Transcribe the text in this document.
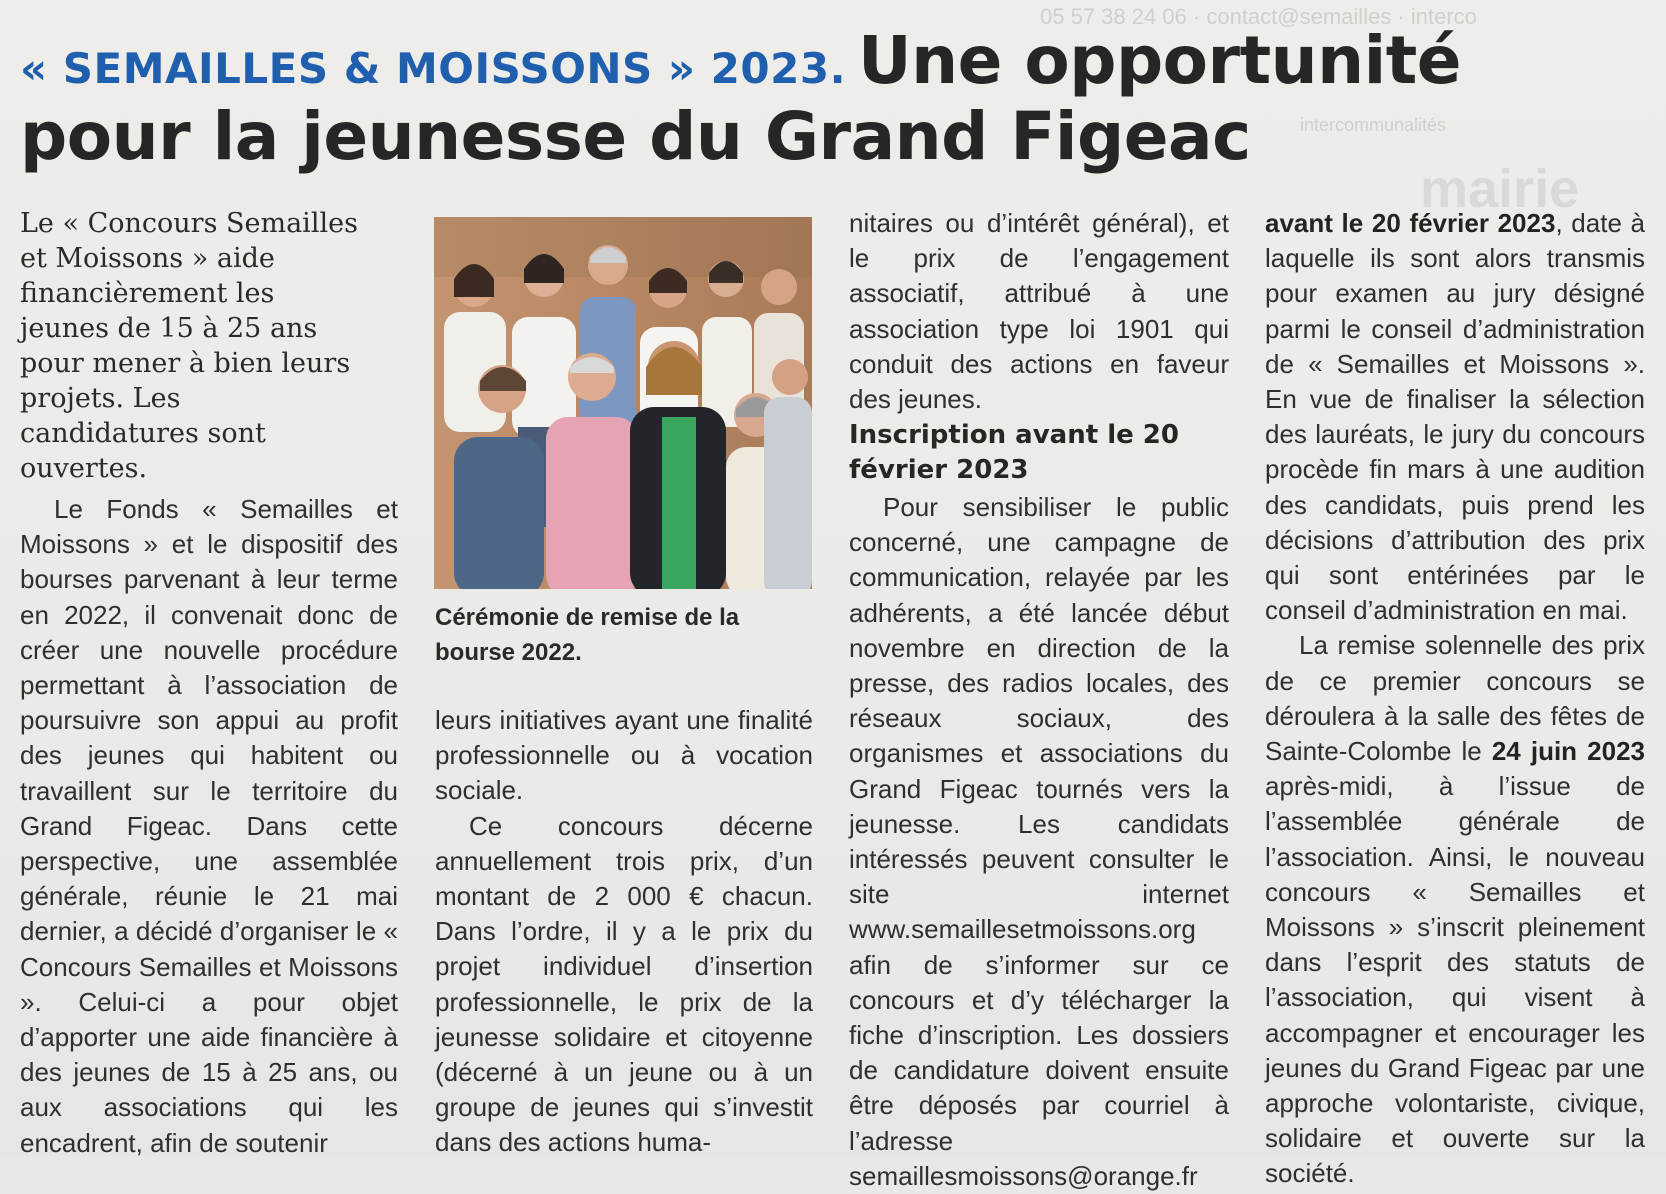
05 57 38 24 06 · contact@semailles · interco
intercommunalités
mairie
« SEMAILLES & MOISSONS » 2023. Une opportunité
pour la jeunesse du Grand Figeac
Le « Concours Semailles et Moissons » aide financièrement les jeunes de 15 à 25 ans pour mener à bien leurs projets. Les candidatures sont ouvertes.

Le Fonds « Semailles et Moissons » et le dispositif des bourses parvenant à leur terme en 2022, il convenait donc de créer une nouvelle procédure permettant à l’association de poursuivre son appui au profit des jeunes qui habitent ou travaillent sur le territoire du Grand Figeac. Dans cette perspective, une assemblée générale, réunie le 21 mai dernier, a décidé d’organiser le « Concours Semailles et Moissons ». Celui-ci a pour objet d’apporter une aide financière à des jeunes de 15 à 25 ans, ou aux associations qui les encadrent, afin de soutenir

Cérémonie de remise de la bourse 2022.

leurs initiatives ayant une finalité professionnelle ou à vocation sociale.

Ce concours décerne annuellement trois prix, d’un montant de 2 000 € chacun. Dans l’ordre, il y a le prix du projet individuel d’insertion professionnelle, le prix de la jeunesse solidaire et citoyenne (décerné à un jeune ou à un groupe de jeunes qui s’investit dans des actions huma-

nitaires ou d’intérêt général), et le prix de l’engagement associatif, attribué à une association type loi 1901 qui conduit des actions en faveur des jeunes.

Inscription avant le 20 février 2023

Pour sensibiliser le public concerné, une campagne de communication, relayée par les adhérents, a été lancée début novembre en direction de la presse, des radios locales, des réseaux sociaux, des organismes et associations du Grand Figeac tournés vers la jeunesse. Les candidats intéressés peuvent consulter le site internet www.semaillesetmoissons.org afin de s’informer sur ce concours et d’y télécharger la fiche d’inscription. Les dossiers de candidature doivent ensuite être déposés par courriel à l’adresse semaillesmoissons@orange.fr

avant le 20 février 2023, date à laquelle ils sont alors transmis pour examen au jury désigné parmi le conseil d’administration de « Semailles et Moissons ». En vue de finaliser la sélection des lauréats, le jury du concours procède fin mars à une audition des candidats, puis prend les décisions d’attribution des prix qui sont entérinées par le conseil d’administration en mai.

La remise solennelle des prix de ce premier concours se déroulera à la salle des fêtes de Sainte-Colombe le 24 juin 2023 après-midi, à l’issue de l’assemblée générale de l’association. Ainsi, le nouveau concours « Semailles et Moissons » s’inscrit pleinement dans l’esprit des statuts de l’association, qui visent à accompagner et encourager les jeunes du Grand Figeac par une approche volontariste, civique, solidaire et ouverte sur la société.
